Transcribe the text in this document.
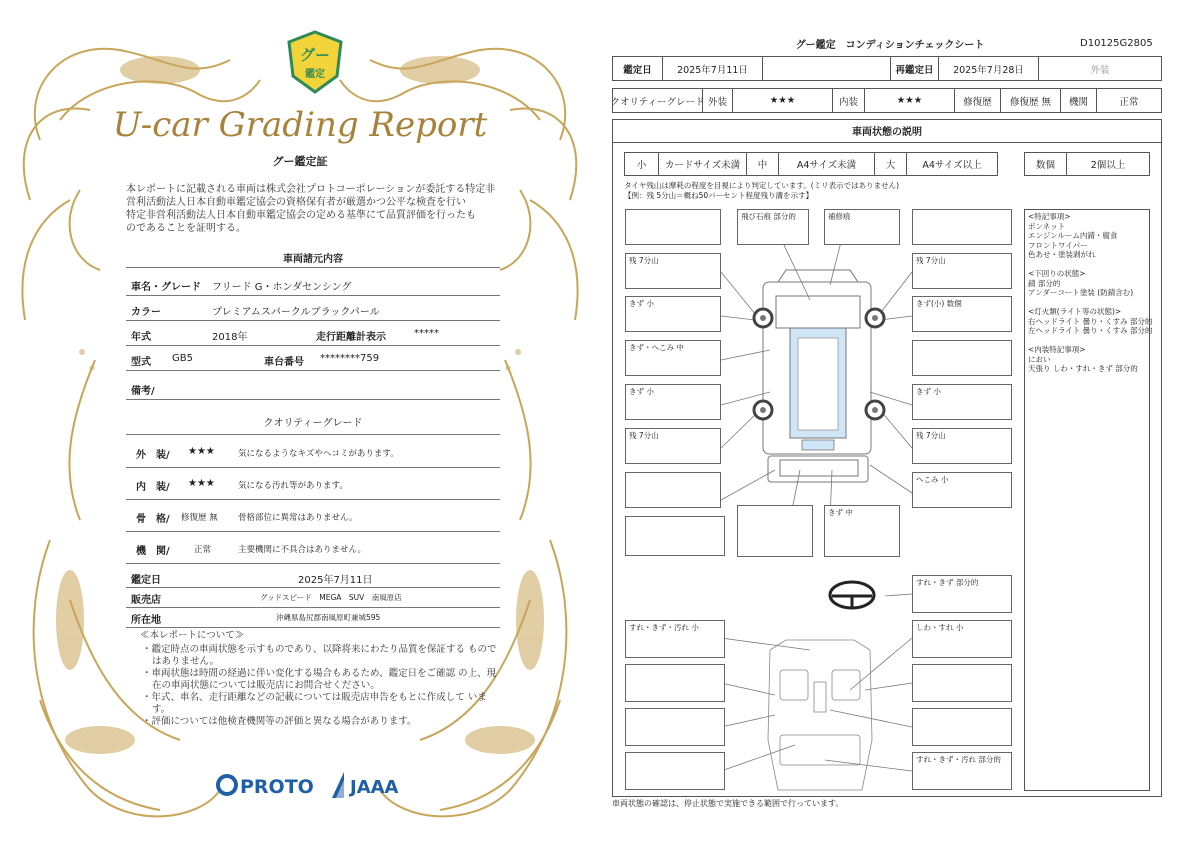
グー
鑑定
U-car Grading Report
グー鑑定証
本レポートに記載される車両は株式会社プロトコーポレーションが委託する特定非
営利活動法人日本自動車鑑定協会の資格保有者が厳選かつ公平な検査を行い
特定非営利活動法人日本自動車鑑定協会の定める基準にて品質評価を行ったも
のであることを証明する。
車両諸元内容
車名・グレード フリード G・ホンダセンシング
カラー	プレミアムスパークルブラックパール
年式	2018年	走行距離計表示	*****
型式 GB5	車台番号 ********759
備考/
クオリティーグレード
外　装/ ★★★	気になるようなキズやヘコミがあります。
内　装/ ★★★	気になる汚れ等があります。
骨　格/ 修復歴 無 骨格部位に異常はありません。
機　関/	正常	主要機関に不具合はありません。
鑑定日	2025年7月11日
販売店	グッドスピード　MEGA　SUV　南風原店
所在地	沖縄県島尻郡南風原町兼城595
≪本レポートについて≫
・鑑定時点の車両状態を示すものであり、以降将来にわたり品質を保証する ものではありません。
・車両状態は時間の経過に伴い変化する場合もあるため、鑑定日をご確認 の上、現在の車両状態については販売店にお問合せください。
・年式、車名、走行距離などの記載については販売店申告をもとに作成して います。
・評価については他検査機関等の評価と異なる場合があります。
PROTO JAAA
グー鑑定　コンディションチェックシート	D10125G2805
鑑定日	2025年7月11日	再鑑定日	2025年7月28日	外装
クオリティーグレード 外装	★★★	内装	★★★	修復歴	修復歴 無	機関	正常
車両状態の説明
小	カードサイズ未満	中	A4サイズ未満	大	A4サイズ以上	数個	2個以上
タイヤ残山は摩耗の程度を目視により判定しています。(ミリ表示ではありません)
【例：残 5分山＝概ね50パーセント程度残り溝を示す】
飛び石痕 部分的	補修痕
残 7分山	残 7分山
きず 小	きず(小) 数個
きず・へこみ 中
きず 小	きず 小
残 7分山	残 7分山
へこみ 小
きず 中
すれ・きず 部分的
すれ・きず・汚れ 小	しわ・すれ 小
すれ・きず・汚れ 部分的
<特記事項>
ボンネット
エンジンルーム内錆・腐食
フロントワイパー
色あせ・塗装剥がれ
<下回りの状態>
錆 部分的
アンダーコート塗装 (防錆含む)
<灯火類(ライト等の状態)>
右ヘッドライト 曇り・くすみ 部分的
左ヘッドライト 曇り・くすみ 部分的
<内装特記事項>
におい
天張り しわ・すれ・きず 部分的
車両状態の確認は、停止状態で実施できる範囲で行っています。
